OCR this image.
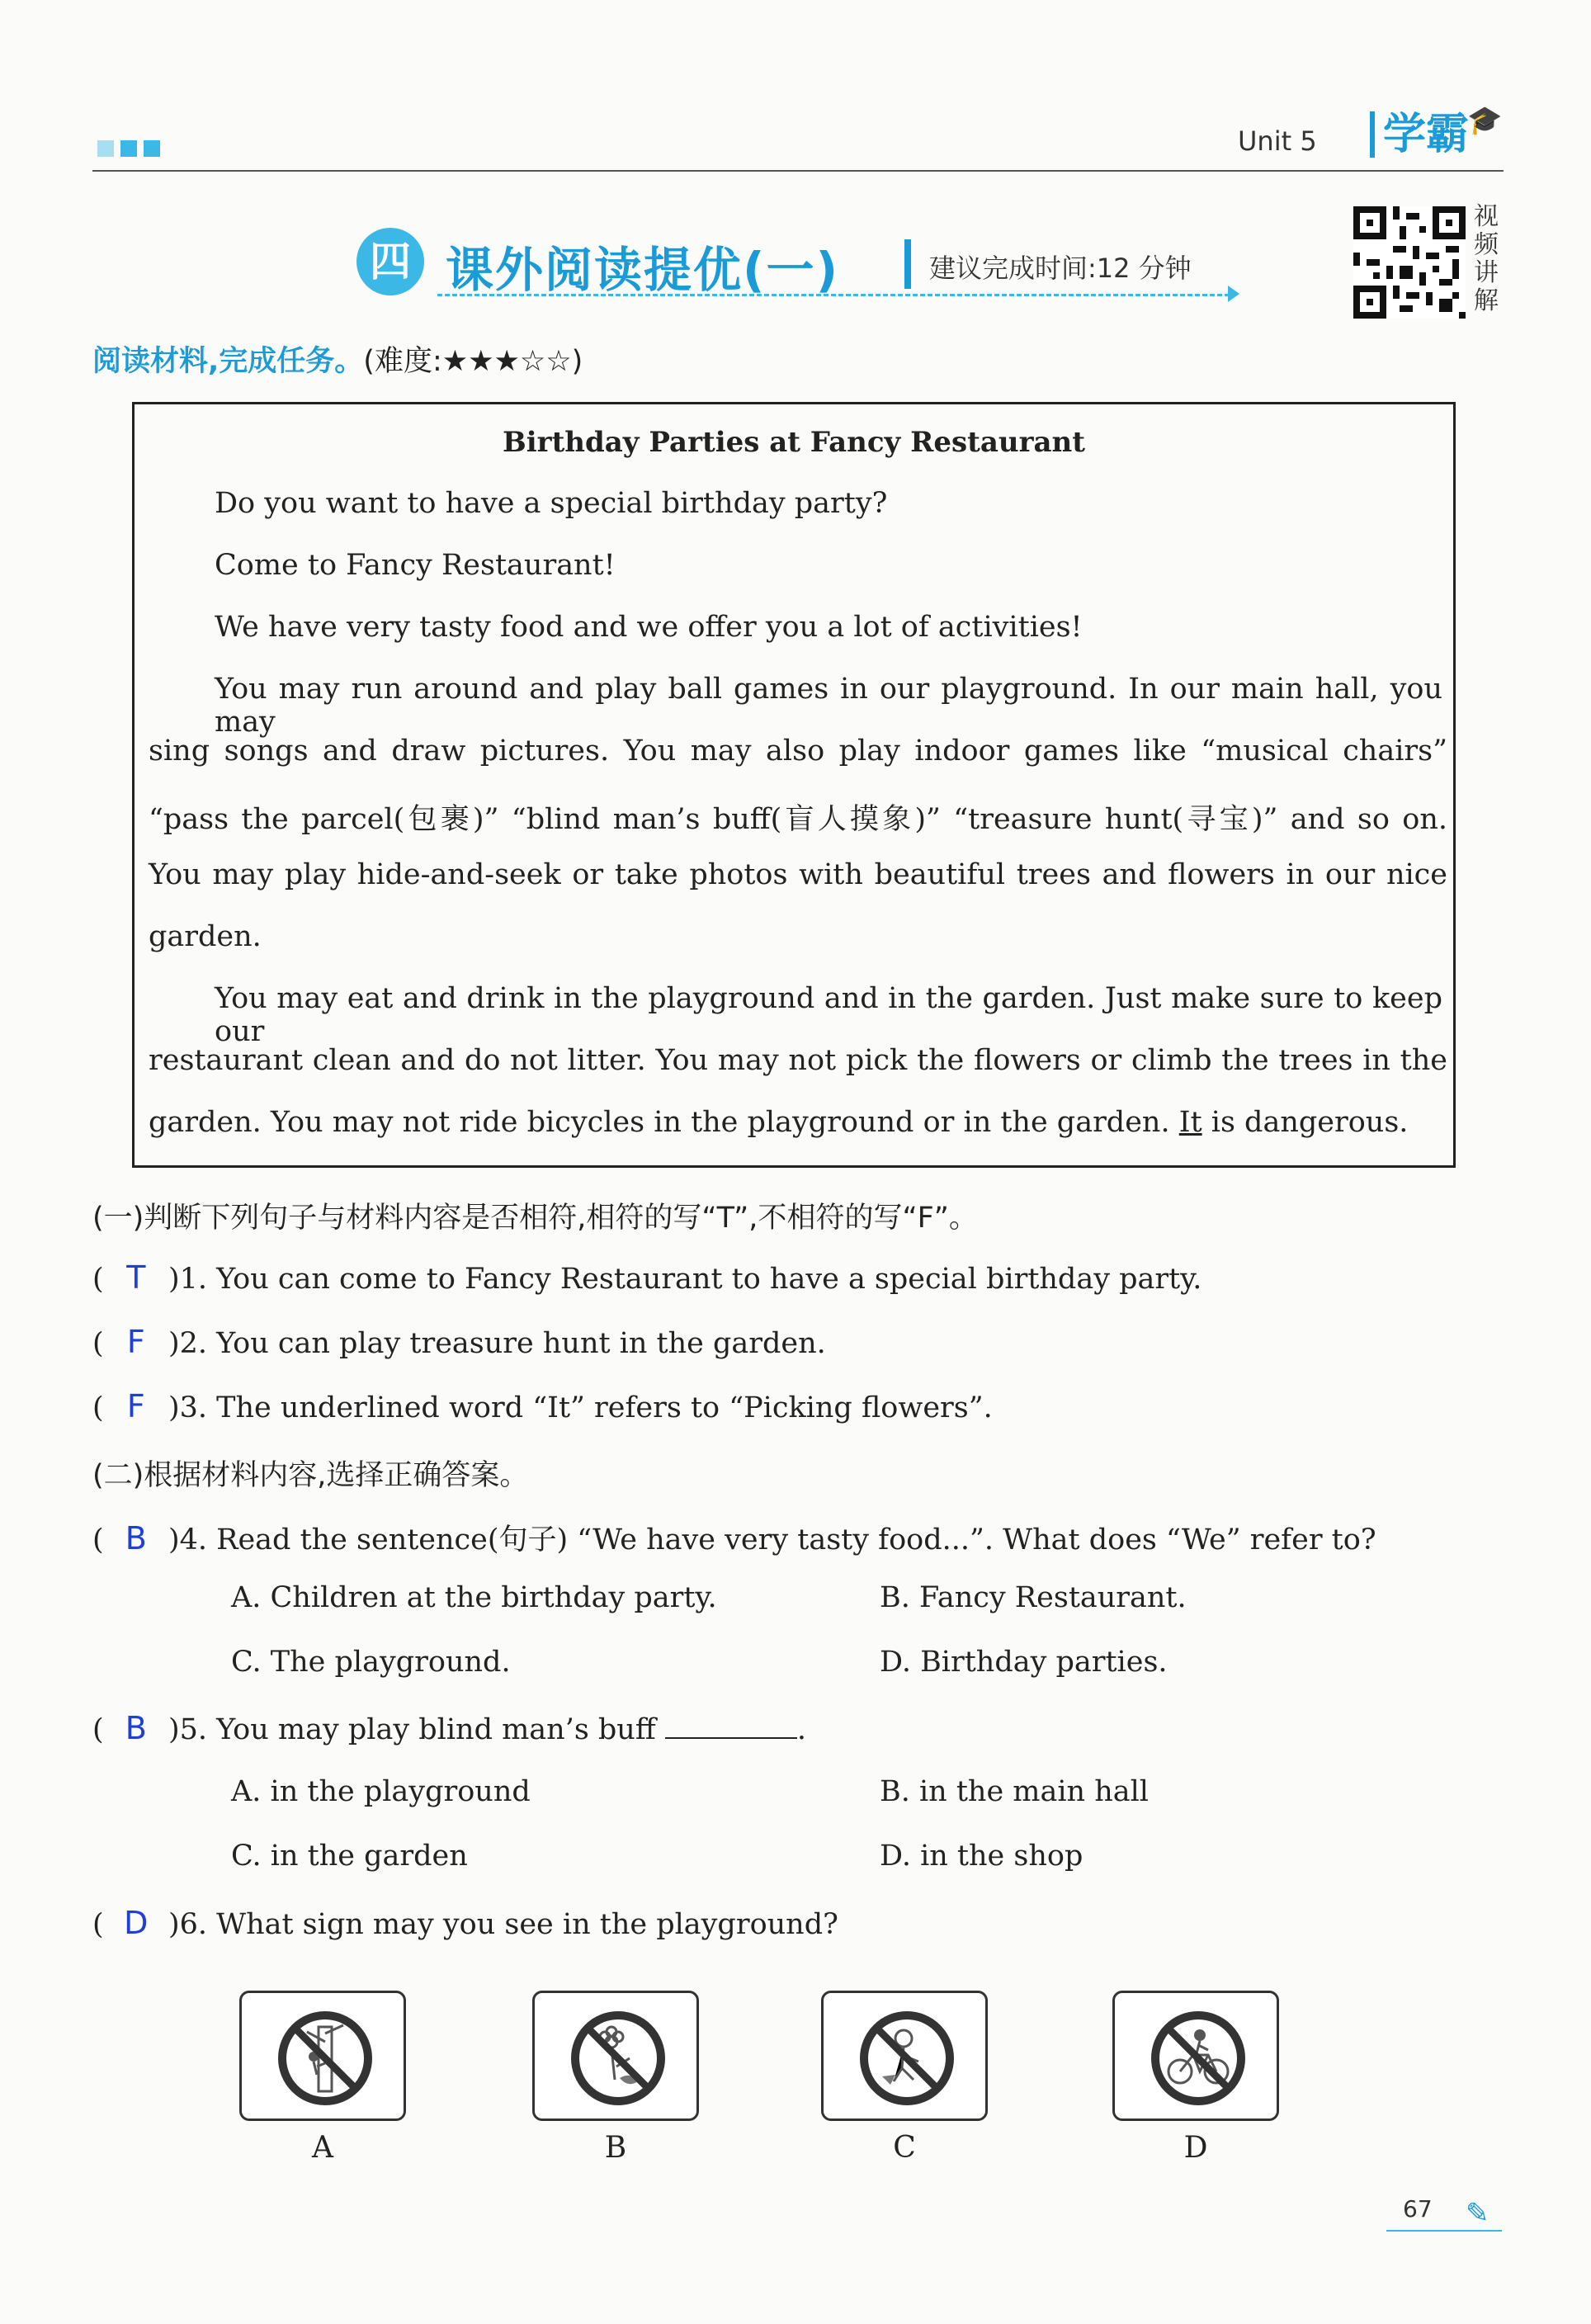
Unit 5	学霸
🎓
四 课外阅读提优(一)	建议完成时间:12 分钟
视
频
讲
解
阅读材料,完成任务。(难度:★★★☆☆)
Birthday Parties at Fancy Restaurant
Do you want to have a special birthday party?
Come to Fancy Restaurant!
We have very tasty food and we offer you a lot of activities!
You may run around and play ball games in our playground. In our main hall, you may
sing songs and draw pictures. You may also play indoor games like “musical chairs”
“pass the parcel(包裹)” “blind man’s buff(盲人摸象)” “treasure hunt(寻宝)” and so on.
You may play hide-and-seek or take photos with beautiful trees and flowers in our nice
garden.
You may eat and drink in the playground and in the garden. Just make sure to keep our
restaurant clean and do not litter. You may not pick the flowers or climb the trees in the
garden. You may not ride bicycles in the playground or in the garden. It is dangerous.
(一)判断下列句子与材料内容是否相符,相符的写“T”,不相符的写“F”。
( T )1. You can come to Fancy Restaurant to have a special birthday party.
( F )2. You can play treasure hunt in the garden.
( F )3. The underlined word “It” refers to “Picking flowers”.
(二)根据材料内容,选择正确答案。
( B )4. Read the sentence(句子) “We have very tasty food...”. What does “We” refer to?
A. Children at the birthday party.	B. Fancy Restaurant.
C. The playground.	D. Birthday parties.
( B )5. You may play blind man’s buff	.
A. in the playground	B. in the main hall
C. in the garden	D. in the shop
( D )6. What sign may you see in the playground?
A	B	C	D
67 ✎
